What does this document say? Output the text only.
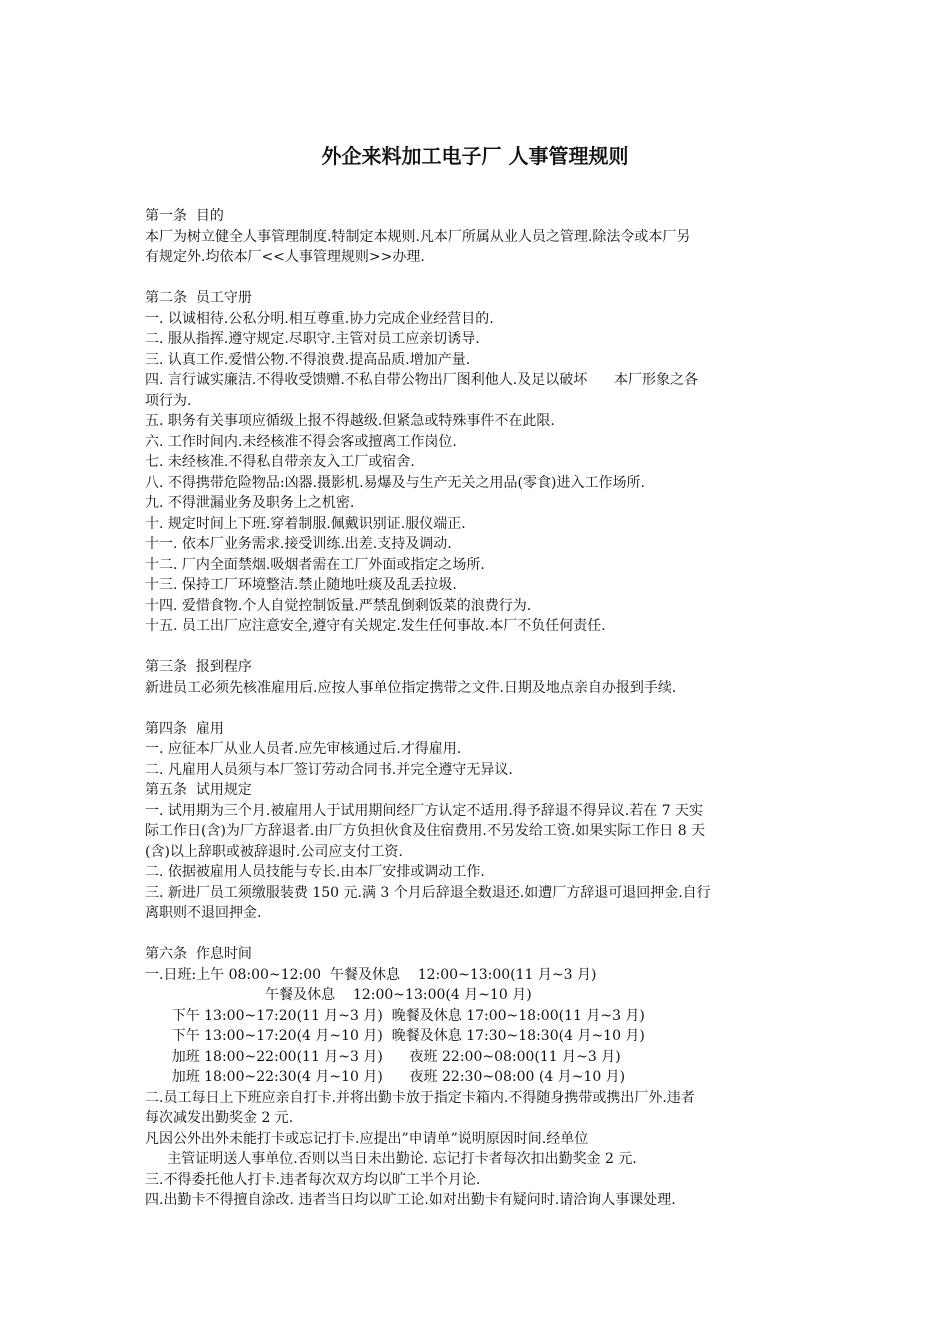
外企来料加工电子厂 人事管理规则
第一条  目的
本厂为树立健全人事管理制度.特制定本规则.凡本厂所属从业人员之管理.除法令或本厂另
有规定外.均依本厂<<人事管理规则>>办理.
第二条  员工守册
一. 以诚相待.公私分明.相互尊重.协力完成企业经营目的.
二. 服从指挥.遵守规定.尽职守.主管对员工应亲切诱导.
三. 认真工作.爱惜公物.不得浪费.提高品质.增加产量.
四. 言行诚实廉洁.不得收受馈赠.不私自带公物出厂图利他人.及足以破坏      本厂形象之各
项行为.
五. 职务有关事项应循级上报不得越级.但紧急或特殊事件不在此限.
六. 工作时间内.未经核准不得会客或擅离工作岗位.
七. 未经核准.不得私自带亲友入工厂或宿舍.
八. 不得携带危险物品:凶器.摄影机.易爆及与生产无关之用品(零食)进入工作场所.
九. 不得泄漏业务及职务上之机密.
十. 规定时间上下班.穿着制服.佩戴识别证.服仪端正.
十一. 依本厂业务需求.接受训练.出差.支持及调动.
十二. 厂内全面禁烟.吸烟者需在工厂外面或指定之场所.
十三. 保持工厂环境整洁.禁止随地吐痰及乱丢拉圾.
十四. 爱惜食物.个人自觉控制饭量.严禁乱倒剩饭菜的浪费行为.
十五. 员工出厂应注意安全,遵守有关规定.发生任何事故.本厂不负任何责任.
第三条  报到程序
新进员工必须先核准雇用后.应按人事单位指定携带之文件.日期及地点亲自办报到手续.
第四条  雇用
一. 应征本厂从业人员者.应先审核通过后.才得雇用.
二. 凡雇用人员须与本厂签订劳动合同书.并完全遵守无异议.
第五条  试用规定
一. 试用期为三个月.被雇用人于试用期间经厂方认定不适用.得予辞退不得异议.若在 7 天实
际工作日(含)为厂方辞退者.由厂方负担伙食及住宿费用.不另发给工资.如果实际工作日 8 天
(含)以上辞职或被辞退时.公司应支付工资.
二. 依据被雇用人员技能与专长.由本厂安排或调动工作.
三. 新进厂员工须缴服装费 150 元.满 3 个月后辞退全数退还.如遭厂方辞退可退回押金.自行
离职则不退回押金.
第六条  作息时间
一.日班:上午 08:00~12:00  午餐及休息    12:00~13:00(11 月~3 月)
午餐及休息    12:00~13:00(4 月~10 月)
下午 13:00~17:20(11 月~3 月)  晚餐及休息 17:00~18:00(11 月~3 月)
下午 13:00~17:20(4 月~10 月)  晚餐及休息 17:30~18:30(4 月~10 月)
加班 18:00~22:00(11 月~3 月)      夜班 22:00~08:00(11 月~3 月)
加班 18:00~22:30(4 月~10 月)      夜班 22:30~08:00 (4 月~10 月)
二.员工每日上下班应亲自打卡.并将出勤卡放于指定卡箱内.不得随身携带或携出厂外.违者
每次减发出勤奖金 2 元.
凡因公外出外未能打卡或忘记打卡.应提出”申请单”说明原因时间.经单位
主管证明送人事单位.否则以当日未出勤论. 忘记打卡者每次扣出勤奖金 2 元.
三.不得委托他人打卡.违者每次双方均以旷工半个月论.
四.出勤卡不得擅自涂改. 违者当日均以旷工论.如对出勤卡有疑问时.请洽询人事课处理.
